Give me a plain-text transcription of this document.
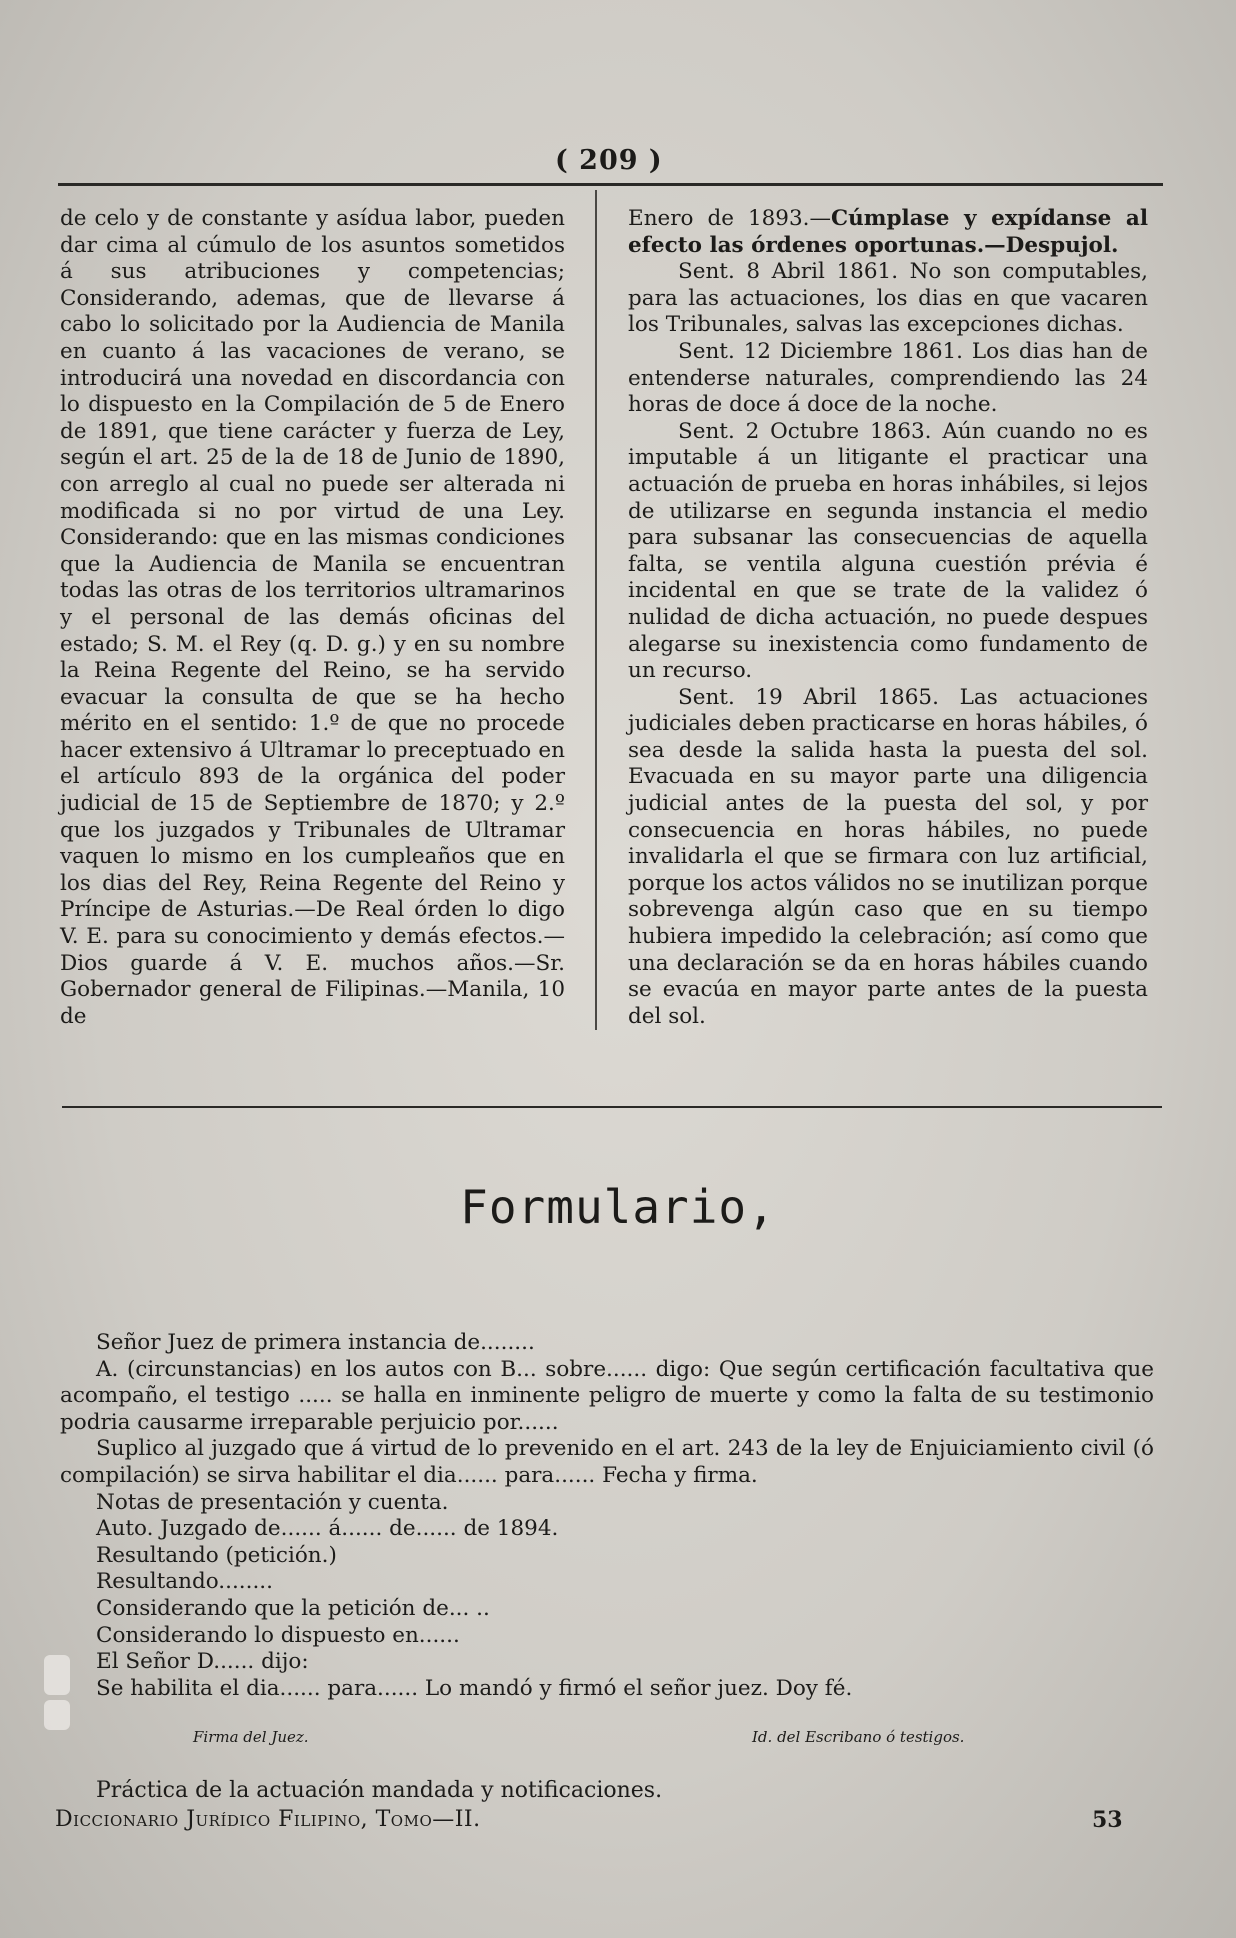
( 209 )

de celo y de constante y asídua labor, pueden dar cima al cúmulo de los asuntos sometidos á sus atribuciones y competencias; Considerando, ademas, que de llevarse á cabo lo solicitado por la Audiencia de Manila en cuanto á las vacaciones de verano, se introducirá una novedad en discordancia con lo dispuesto en la Compilación de 5 de Enero de 1891, que tiene carácter y fuerza de Ley, según el art. 25 de la de 18 de Junio de 1890, con arreglo al cual no puede ser alterada ni modificada si no por virtud de una Ley. Considerando: que en las mismas condiciones que la Audiencia de Manila se encuentran todas las otras de los territorios ultramarinos y el personal de las demás oficinas del estado; S. M. el Rey (q. D. g.) y en su nombre la Reina Regente del Reino, se ha servido evacuar la consulta de que se ha hecho mérito en el sentido: 1.º de que no procede hacer extensivo á Ultramar lo preceptuado en el artículo 893 de la orgánica del poder judicial de 15 de Septiembre de 1870; y 2.º que los juzgados y Tribunales de Ultramar vaquen lo mismo en los cumpleaños que en los dias del Rey, Reina Regente del Reino y Príncipe de Asturias.—De Real órden lo digo V. E. para su conocimiento y demás efectos.—Dios guarde á V. E. muchos años.—Sr. Gobernador general de Filipinas.—Manila, 10 de

Enero de 1893.—Cúmplase y expídanse al efecto las órdenes oportunas.—Despujol.

Sent. 8 Abril 1861. No son computables, para las actuaciones, los dias en que vacaren los Tribunales, salvas las excepciones dichas.

Sent. 12 Diciembre 1861. Los dias han de entenderse naturales, comprendiendo las 24 horas de doce á doce de la noche.

Sent. 2 Octubre 1863. Aún cuando no es imputable á un litigante el practicar una actuación de prueba en horas inhábiles, si lejos de utilizarse en segunda instancia el medio para subsanar las consecuencias de aquella falta, se ventila alguna cuestión prévia é incidental en que se trate de la validez ó nulidad de dicha actuación, no puede despues alegarse su inexistencia como fundamento de un recurso.

Sent. 19 Abril 1865. Las actuaciones judiciales deben practicarse en horas hábiles, ó sea desde la salida hasta la puesta del sol. Evacuada en su mayor parte una diligencia judicial antes de la puesta del sol, y por consecuencia en horas hábiles, no puede invalidarla el que se firmara con luz artificial, porque los actos válidos no se inutilizan porque sobrevenga algún caso que en su tiempo hubiera impedido la celebración; así como que una declaración se da en horas hábiles cuando se evacúa en mayor parte antes de la puesta del sol.

Formulario,
Señor Juez de primera instancia de........
A. (circunstancias) en los autos con B... sobre...... digo: Que según certificación facultativa que acompaño, el testigo ..... se halla en inminente peligro de muerte y como la falta de su testimonio podria causarme irreparable perjuicio por......
Suplico al juzgado que á virtud de lo prevenido en el art. 243 de la ley de Enjuiciamiento civil (ó compilación) se sirva habilitar el dia...... para...... Fecha y firma.
Notas de presentación y cuenta.
Auto. Juzgado de...... á...... de...... de 1894.
Resultando (petición.)
Resultando........
Considerando que la petición de... ..
Considerando lo dispuesto en......
El Señor D...... dijo:
Se habilita el dia...... para...... Lo mandó y firmó el señor juez. Doy fé.
Firma del Juez.	Id. del Escribano ó testigos.
Práctica de la actuación mandada y notificaciones.
Diccionario Jurídico Filipino, Tomo—II.	53
